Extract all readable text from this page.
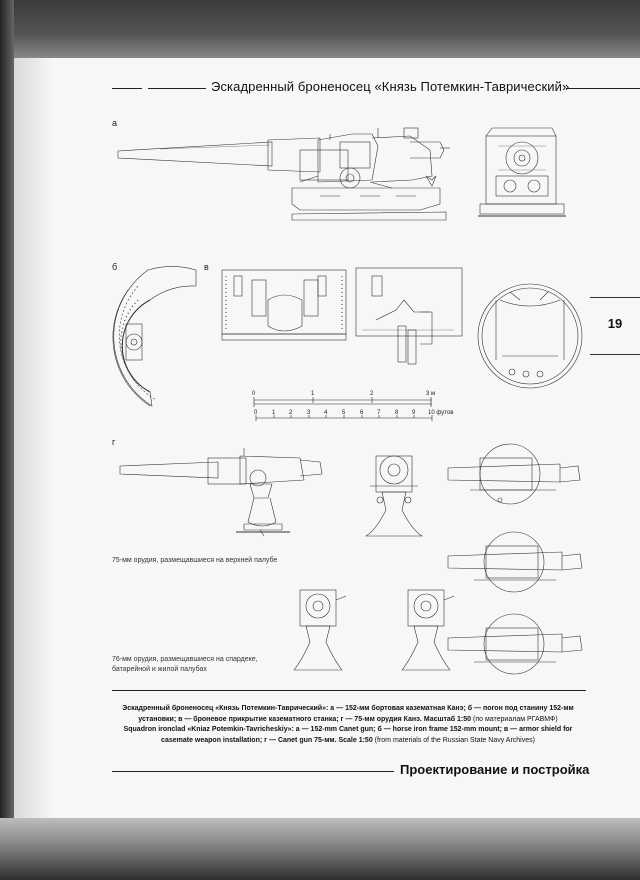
Эскадренный броненосец «Князь Потемкин-Таврический»
19
а
б	в
г
0	1	2	3 м
0 1 2 3 4 5 6 7 8 9 10 футов
75-мм орудия, размещавшиеся на верхней палубе
76-мм орудия, размещавшиеся на спардеке,
батарейной и жилой палубах
Эскадренный броненосец «Князь Потемкин-Таврический»: а — 152-мм бортовая казематная Канэ; б — погон под станину 152-мм
установки; в — броневое прикрытие казематного станка; г — 75-мм орудия Канэ. Масштаб 1:50 (по материалам РГАВМФ)
Squadron ironclad «Kniaz Potemkin-Tavricheskiy»: а — 152-mm Canet gun; б — horse iron frame 152-mm mount; в — armor shield for
casemate weapon installation; г — Canet gun 75-мм. Scale 1:50 (from materials of the Russian State Navy Archives)
Проектирование и постройка
